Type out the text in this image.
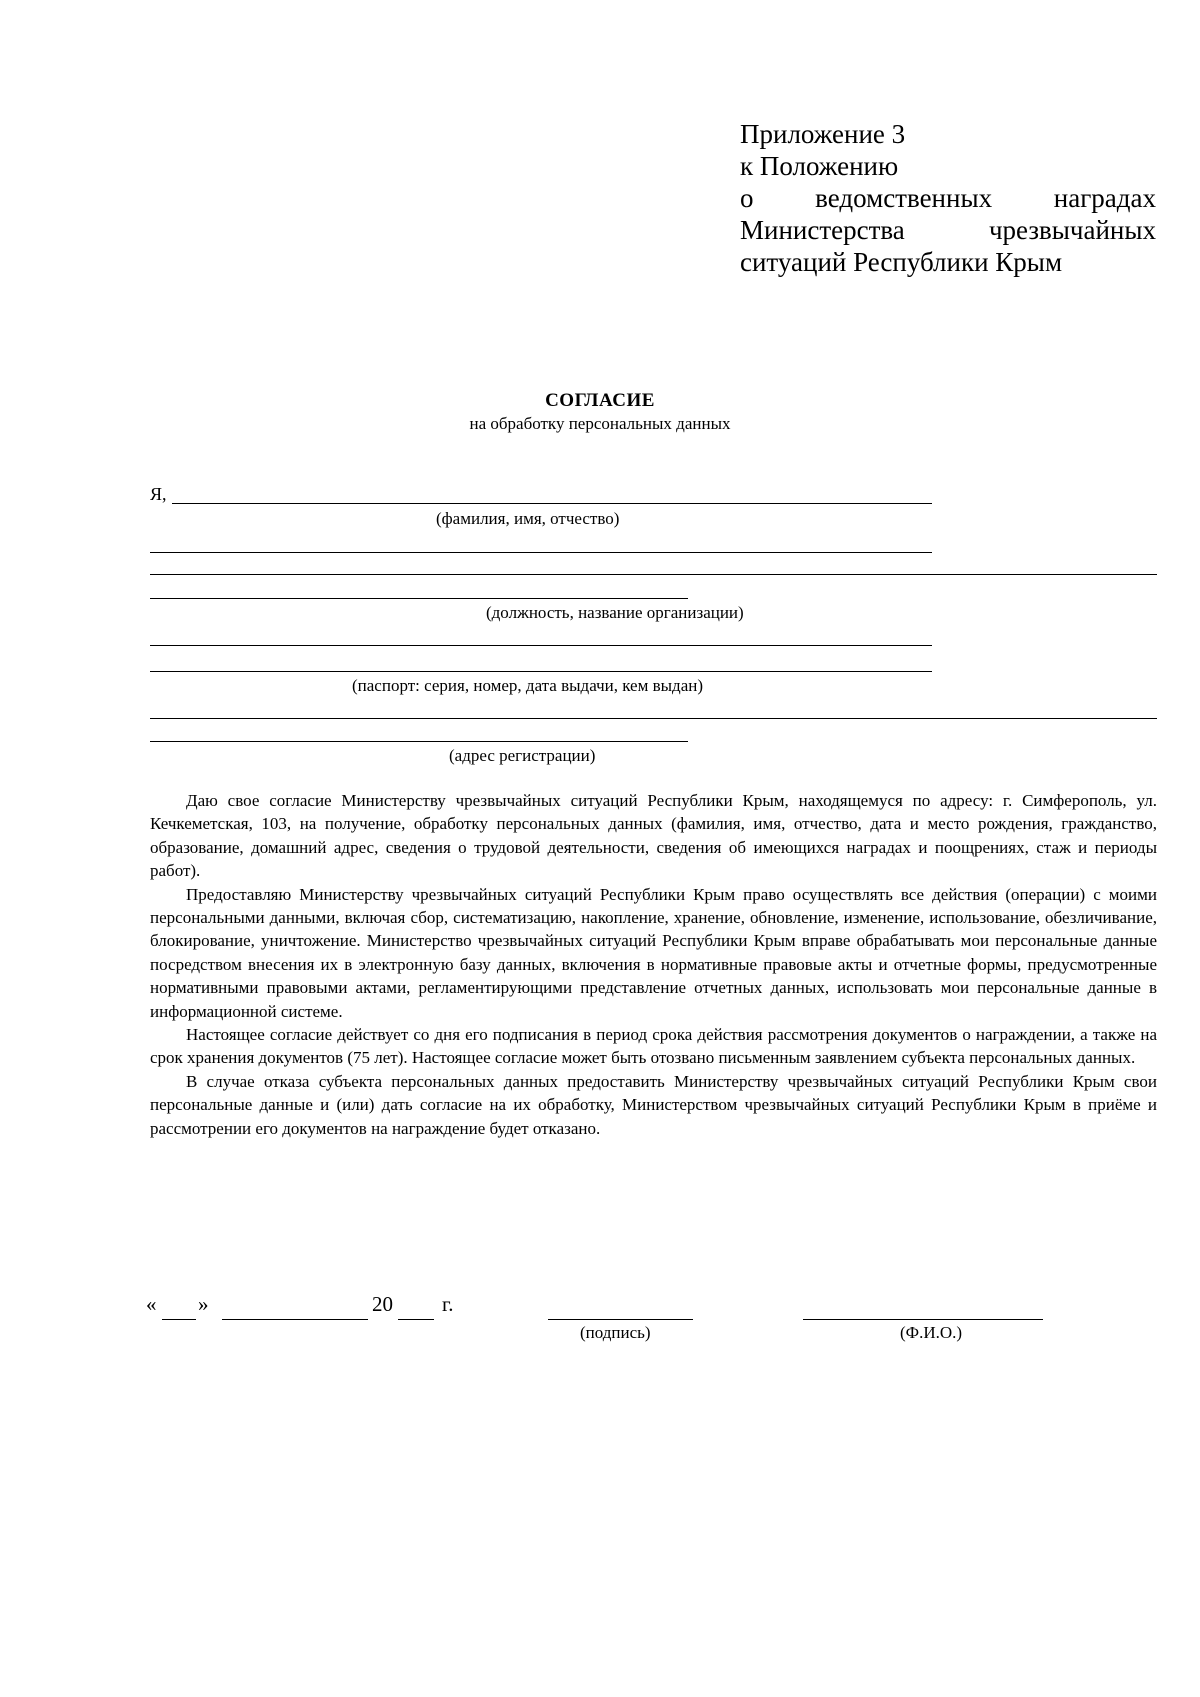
Приложение 3
к Положению
о ведомственных наградах
Министерства	чрезвычайных
ситуаций Республики Крым
СОГЛАСИЕ
на обработку персональных данных
Я,
(фамилия, имя, отчество)
(должность, название организации)
(паспорт: серия, номер, дата выдачи, кем выдан)
(адрес регистрации)

Даю свое согласие Министерству чрезвычайных ситуаций Республики Крым, находящемуся по адресу: г. Симферополь, ул. Кечкеметская, 103, на получение, обработку персональных данных (фамилия, имя, отчество, дата и место рождения, гражданство, образование, домашний адрес, сведения о трудовой деятельности, сведения об имеющихся наградах и поощрениях, стаж и периоды работ).

Предоставляю Министерству чрезвычайных ситуаций Республики Крым право осуществлять все действия (операции) с моими персональными данными, включая сбор, систематизацию, накопление, хранение, обновление, изменение, использование, обезличивание, блокирование, уничтожение. Министерство чрезвычайных ситуаций Республики Крым вправе обрабатывать мои персональные данные посредством внесения их в электронную базу данных, включения в нормативные правовые акты и отчетные формы, предусмотренные нормативными правовыми актами, регламентирующими представление отчетных данных, использовать мои персональные данные в информационной системе.

Настоящее согласие действует со дня его подписания в период срока действия рассмотрения документов о награждении, а также на срок хранения документов (75 лет). Настоящее согласие может быть отозвано письменным заявлением субъекта персональных данных.

В случае отказа субъекта персональных данных предоставить Министерству чрезвычайных ситуаций Республики Крым свои персональные данные и (или) дать согласие на их обработку, Министерством чрезвычайных ситуаций Республики Крым в приёме и рассмотрении его документов на награждение будет отказано.

« »	20 г.
(подпись)	(Ф.И.О.)
